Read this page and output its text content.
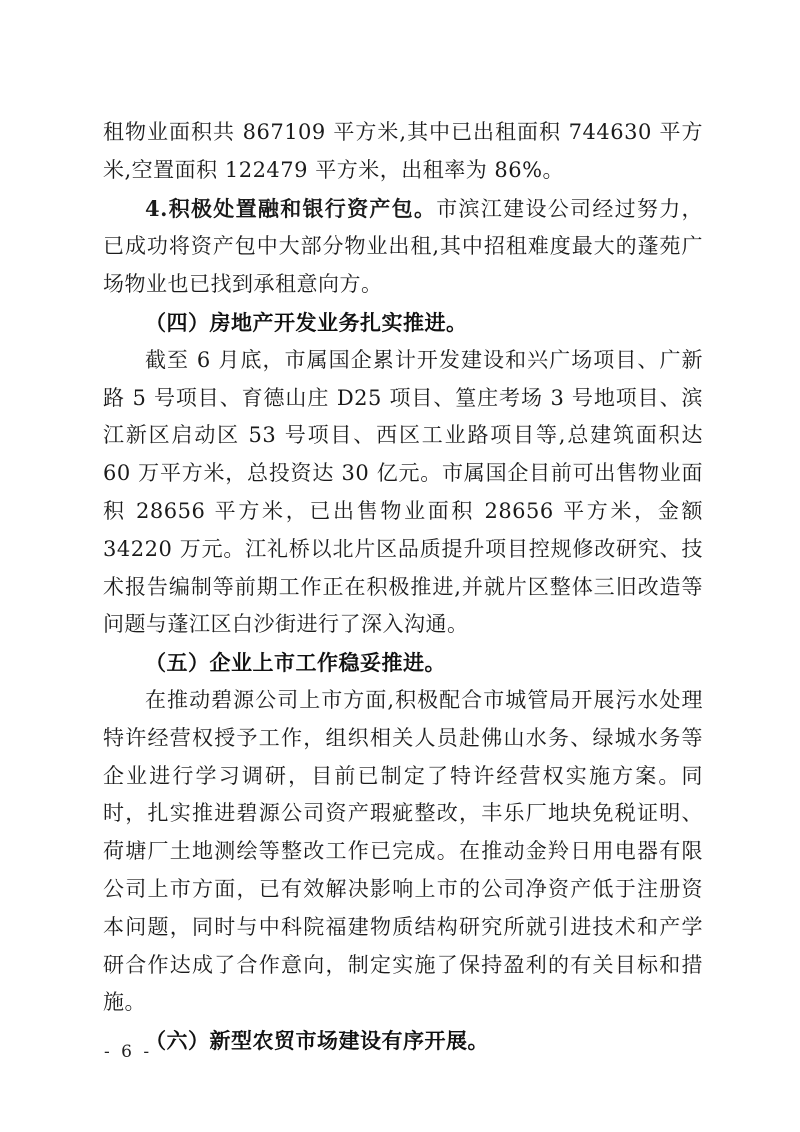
租物业面积共 867109 平方米,其中已出租面积 744630 平方米,空置面积 122479 平方米，出租率为 86%。

4.积极处置融和银行资产包。市滨江建设公司经过努力，已成功将资产包中大部分物业出租,其中招租难度最大的蓬苑广场物业也已找到承租意向方。

（四）房地产开发业务扎实推进。

截至 6 月底，市属国企累计开发建设和兴广场项目、广新路 5 号项目、育德山庄 D25 项目、篁庄考场 3 号地项目、滨江新区启动区 53 号项目、西区工业路项目等,总建筑面积达 60 万平方米，总投资达 30 亿元。市属国企目前可出售物业面积 28656 平方米，已出售物业面积 28656 平方米，金额 34220 万元。江礼桥以北片区品质提升项目控规修改研究、技术报告编制等前期工作正在积极推进,并就片区整体三旧改造等问题与蓬江区白沙街进行了深入沟通。

（五）企业上市工作稳妥推进。

在推动碧源公司上市方面,积极配合市城管局开展污水处理特许经营权授予工作，组织相关人员赴佛山水务、绿城水务等企业进行学习调研，目前已制定了特许经营权实施方案。同时，扎实推进碧源公司资产瑕疵整改，丰乐厂地块免税证明、荷塘厂土地测绘等整改工作已完成。在推动金羚日用电器有限公司上市方面，已有效解决影响上市的公司净资产低于注册资本问题，同时与中科院福建物质结构研究所就引进技术和产学研合作达成了合作意向，制定实施了保持盈利的有关目标和措施。

（六）新型农贸市场建设有序开展。

- 6 -
